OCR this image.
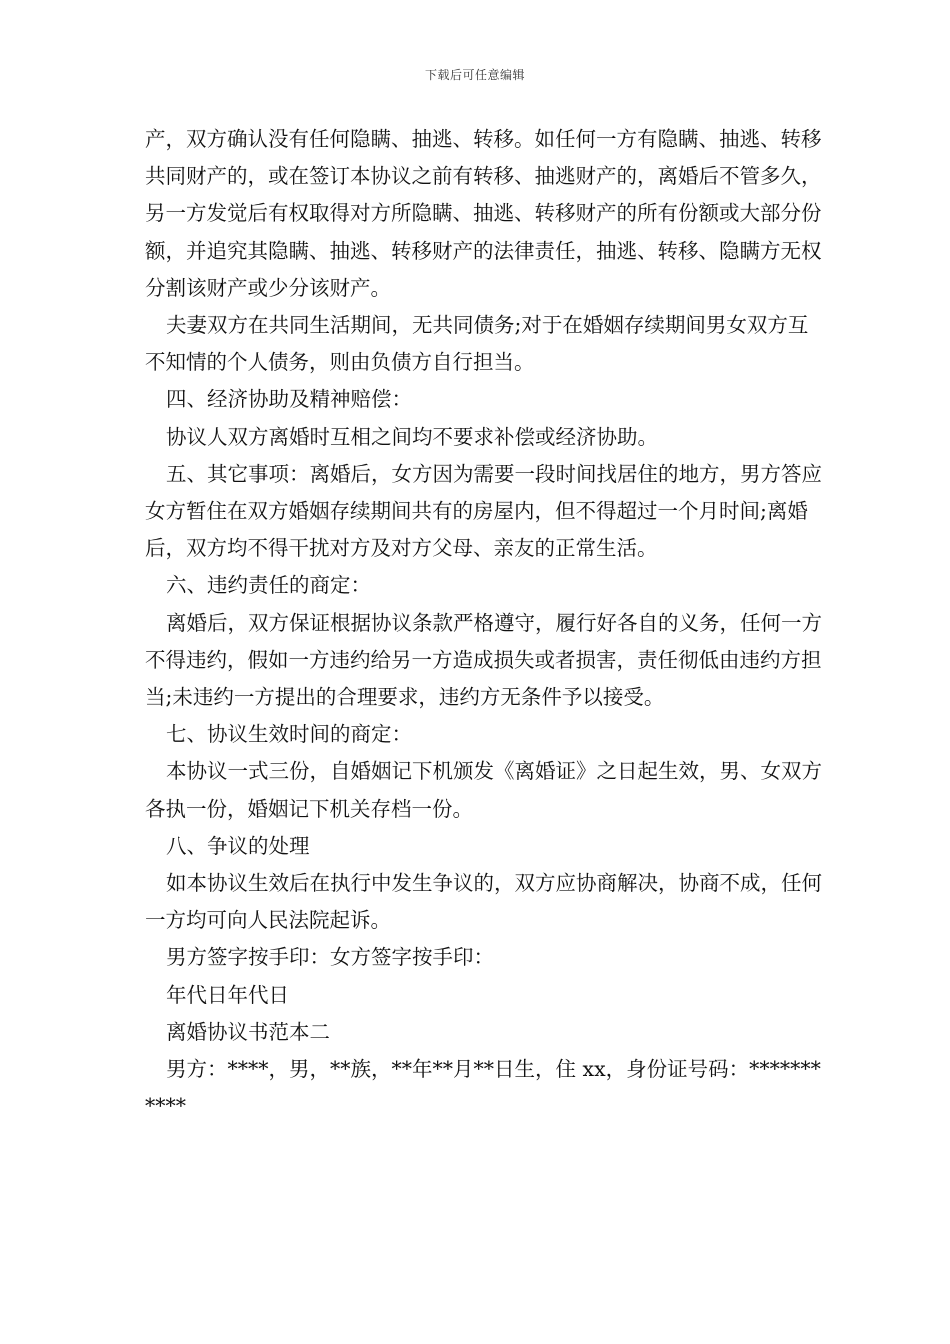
下载后可任意编辑

产，双方确认没有任何隐瞒、抽逃、转移。如任何一方有隐瞒、抽逃、转移共同财产的，或在签订本协议之前有转移、抽逃财产的，离婚后不管多久，另一方发觉后有权取得对方所隐瞒、抽逃、转移财产的所有份额或大部分份额，并追究其隐瞒、抽逃、转移财产的法律责任，抽逃、转移、隐瞒方无权分割该财产或少分该财产。

夫妻双方在共同生活期间，无共同债务;对于在婚姻存续期间男女双方互不知情的个人债务，则由负债方自行担当。

四、经济协助及精神赔偿：

协议人双方离婚时互相之间均不要求补偿或经济协助。

五、其它事项：离婚后，女方因为需要一段时间找居住的地方，男方答应女方暂住在双方婚姻存续期间共有的房屋内，但不得超过一个月时间;离婚后，双方均不得干扰对方及对方父母、亲友的正常生活。

六、违约责任的商定：

离婚后，双方保证根据协议条款严格遵守，履行好各自的义务，任何一方不得违约，假如一方违约给另一方造成损失或者损害，责任彻低由违约方担当;未违约一方提出的合理要求，违约方无条件予以接受。

七、协议生效时间的商定：

本协议一式三份，自婚姻记下机颁发《离婚证》之日起生效，男、女双方各执一份，婚姻记下机关存档一份。

八、争议的处理

如本协议生效后在执行中发生争议的，双方应协商解决，协商不成，任何一方均可向人民法院起诉。

男方签字按手印：女方签字按手印：

年代日年代日

离婚协议书范本二

男方：****，男，**族，**年**月**日生，住 xx，身份证号码：***********
